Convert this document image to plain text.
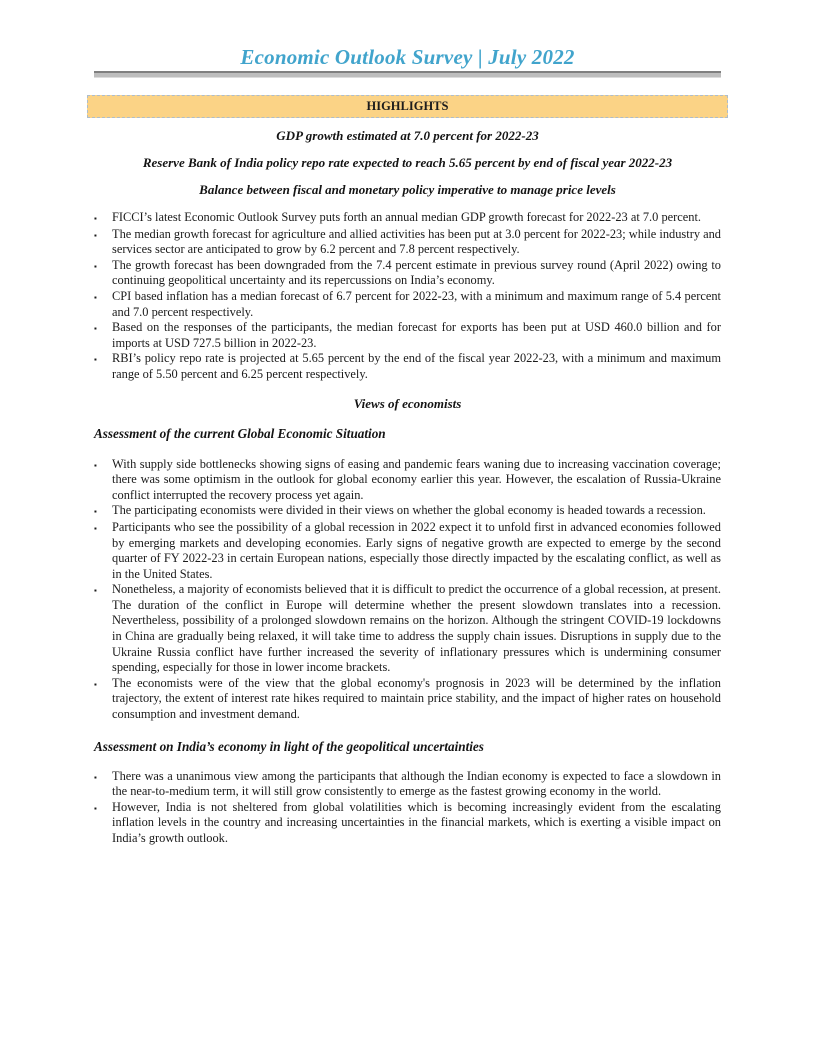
Economic Outlook Survey | July 2022
HIGHLIGHTS
GDP growth estimated at 7.0 percent for 2022-23
Reserve Bank of India policy repo rate expected to reach 5.65 percent by end of fiscal year 2022-23
Balance between fiscal and monetary policy imperative to manage price levels
▪	FICCI’s latest Economic Outlook Survey puts forth an annual median GDP growth forecast for 2022-23 at 7.0 percent.
▪	The median growth forecast for agriculture and allied activities has been put at 3.0 percent for 2022-23; while industry and services sector are anticipated to grow by 6.2 percent and 7.8 percent respectively.
▪	The growth forecast has been downgraded from the 7.4 percent estimate in previous survey round (April 2022) owing to continuing geopolitical uncertainty and its repercussions on India’s economy.
▪	CPI based inflation has a median forecast of 6.7 percent for 2022-23, with a minimum and maximum range of 5.4 percent and 7.0 percent respectively.
▪	Based on the responses of the participants, the median forecast for exports has been put at USD 460.0 billion and for imports at USD 727.5 billion in 2022-23.
▪	RBI’s policy repo rate is projected at 5.65 percent by the end of the fiscal year 2022-23, with a minimum and maximum range of 5.50 percent and 6.25 percent respectively.
Views of economists
Assessment of the current Global Economic Situation
▪	With supply side bottlenecks showing signs of easing and pandemic fears waning due to increasing vaccination coverage; there was some optimism in the outlook for global economy earlier this year. However, the escalation of Russia-Ukraine conflict interrupted the recovery process yet again.
▪	The participating economists were divided in their views on whether the global economy is headed towards a recession.
▪	Participants who see the possibility of a global recession in 2022 expect it to unfold first in advanced economies followed by emerging markets and developing economies. Early signs of negative growth are expected to emerge by the second quarter of FY 2022-23 in certain European nations, especially those directly impacted by the escalating conflict, as well as in the United States.
▪	Nonetheless, a majority of economists believed that it is difficult to predict the occurrence of a global recession, at present. The duration of the conflict in Europe will determine whether the present slowdown translates into a recession. Nevertheless, possibility of a prolonged slowdown remains on the horizon. Although the stringent COVID-19 lockdowns in China are gradually being relaxed, it will take time to address the supply chain issues. Disruptions in supply due to the Ukraine Russia conflict have further increased the severity of inflationary pressures which is undermining consumer spending, especially for those in lower income brackets.
▪	The economists were of the view that the global economy's prognosis in 2023 will be determined by the inflation trajectory, the extent of interest rate hikes required to maintain price stability, and the impact of higher rates on household consumption and investment demand.
Assessment on India’s economy in light of the geopolitical uncertainties
▪	There was a unanimous view among the participants that although the Indian economy is expected to face a slowdown in the near-to-medium term, it will still grow consistently to emerge as the fastest growing economy in the world.
▪	However, India is not sheltered from global volatilities which is becoming increasingly evident from the escalating inflation levels in the country and increasing uncertainties in the financial markets, which is exerting a visible impact on India’s growth outlook.
